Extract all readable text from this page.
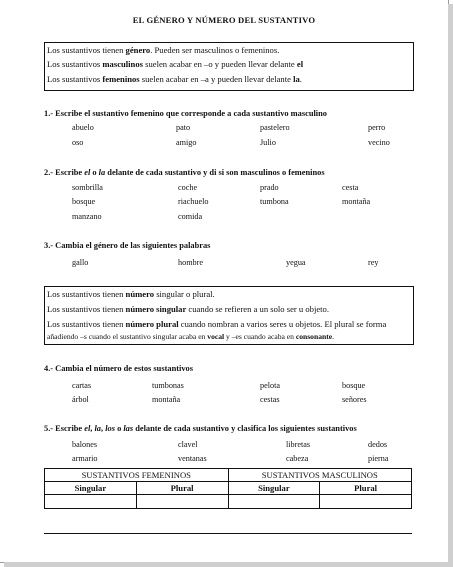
EL GÉNERO Y NÚMERO DEL SUSTANTIVO
Los sustantivos tienen género. Pueden ser masculinos o femeninos.
Los sustantivos masculinos suelen acabar en –o y pueden llevar delante el
Los sustantivos femeninos suelen acabar en –a y pueden llevar delante la.
1.- Escribe el sustantivo femenino que corresponde a cada sustantivo masculino
abuelo	pato	pastelero	perro
oso	amigo	Julio	vecino
2.- Escribe el o la delante de cada sustantivo y di si son masculinos o femeninos
sombrilla	coche	prado	cesta
bosque	riachuelo	tumbona	montaña
manzano	comida
3.- Cambia el género de las siguientes palabras
gallo	hombre	yegua	rey
Los sustantivos tienen número singular o plural.
Los sustantivos tienen número singular cuando se refieren a un solo ser u objeto.
Los sustantivos tienen número plural cuando nombran a varios seres u objetos. El plural se forma
añadiendo –s cuando el sustantivo singular acaba en vocal y –es cuando acaba en consonante.
4.- Cambia el número de estos sustantivos
cartas	tumbonas	pelota	bosque
árbol	montaña	cestas	señores
5.- Escribe el, la, los o las delante de cada sustantivo y clasifica los siguientes sustantivos
balones	clavel	libretas	dedos
armario	ventanas	cabeza	pierna
SUSTANTIVOS FEMENINOS		SUSTANTIVOS MASCULINOS	
Singular	Plural	Singular	Plural
